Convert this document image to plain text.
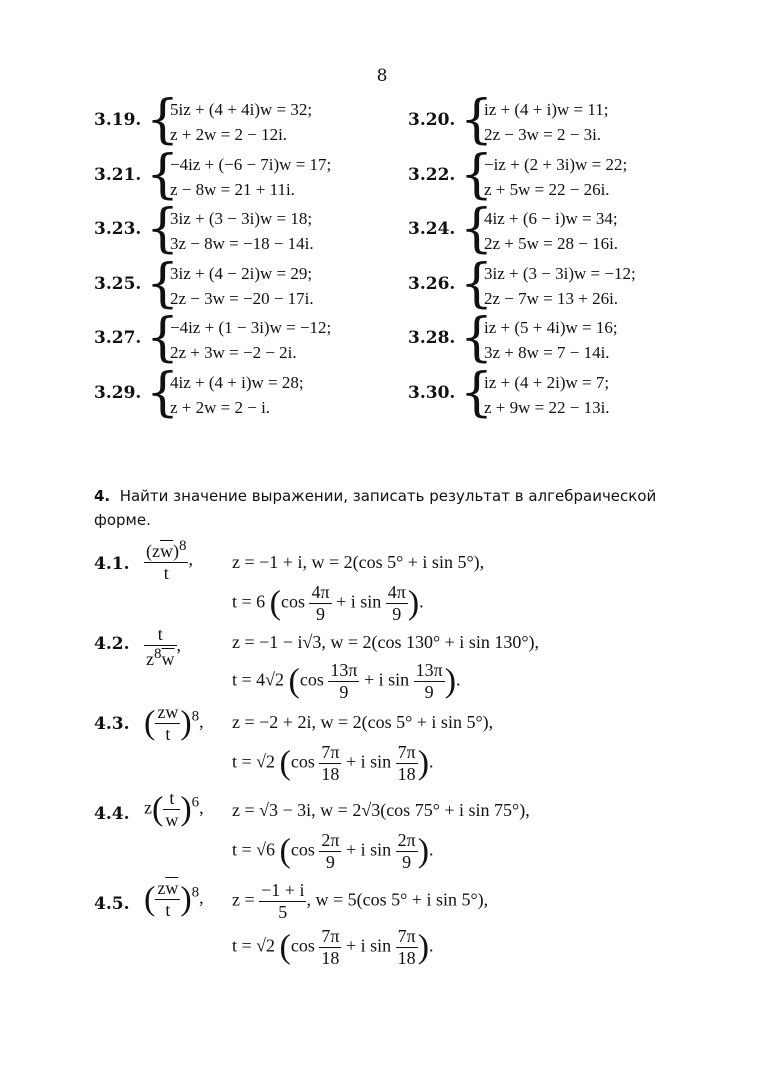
8
3.19. {
5iz + (4 + 4i)w = 32;
z + 2w = 2 − 12i.
3.20. {
iz + (4 + i)w = 11;
2z − 3w = 2 − 3i.
3.21. {
−4iz + (−6 − 7i)w = 17;
z − 8w = 21 + 11i.
3.22. {
−iz + (2 + 3i)w = 22;
z + 5w = 22 − 26i.
3.23. {
3iz + (3 − 3i)w = 18;
3z − 8w = −18 − 14i.
3.24. {
4iz + (6 − i)w = 34;
2z + 5w = 28 − 16i.
3.25. {
3iz + (4 − 2i)w = 29;
2z − 3w = −20 − 17i.
3.26. {
3iz + (3 − 3i)w = −12;
2z − 7w = 13 + 26i.
3.27. {
−4iz + (1 − 3i)w = −12;
2z + 3w = −2 − 2i.
3.28. {
iz + (5 + 4i)w = 16;
3z + 8w = 7 − 14i.
3.29. {
4iz + (4 + i)w = 28;
z + 2w = 2 − i.
3.30. {
iz + (4 + 2i)w = 7;
z + 9w = 22 − 13i.
4. Найти значение выражении, записать результат в алгебраической форме.
4.1. $\frac{(z\overline{w})^8}{t}$ , z = −1 + i, w = 2(cos 5° + i sin 5°),
t = 6 ($\cos \frac{4\pi}{9} + i$ $\sin \frac{4\pi}{9}$ ).
4.2. $\frac{t}{z^8\overline{w}}$ ,	z = −1 − i√3, w = 2(cos 130° + i sin 130°),
t = 4√2 ($\cos \frac{13\pi}{9} + i$ $\sin \frac{13\pi}{9}$ ).
4.3. ( $\frac{zw}{t} )^8$, z = −2 + 2i, w = 2(cos 5° + i sin 5°),
t = √2 ($\cos \frac{7\pi}{18} + i$ $\sin \frac{7\pi}{18}$ ).
4.4. $z( \frac{t}{w} )^6$, z = √3 − 3i, w = 2√3(cos 75° + i sin 75°),
t = √6 ($\cos \frac{2\pi}{9} + i$ $\sin \frac{2\pi}{9}$ ).
4.5. ( $\frac{z\overline{w}}{t} )^8$, $z = \frac{-1 + i}{5}$ , w = 5(cos 5° + i sin 5°),
t = √2 ($\cos \frac{7\pi}{18} + i$ $\sin \frac{7\pi}{18}$ ).
